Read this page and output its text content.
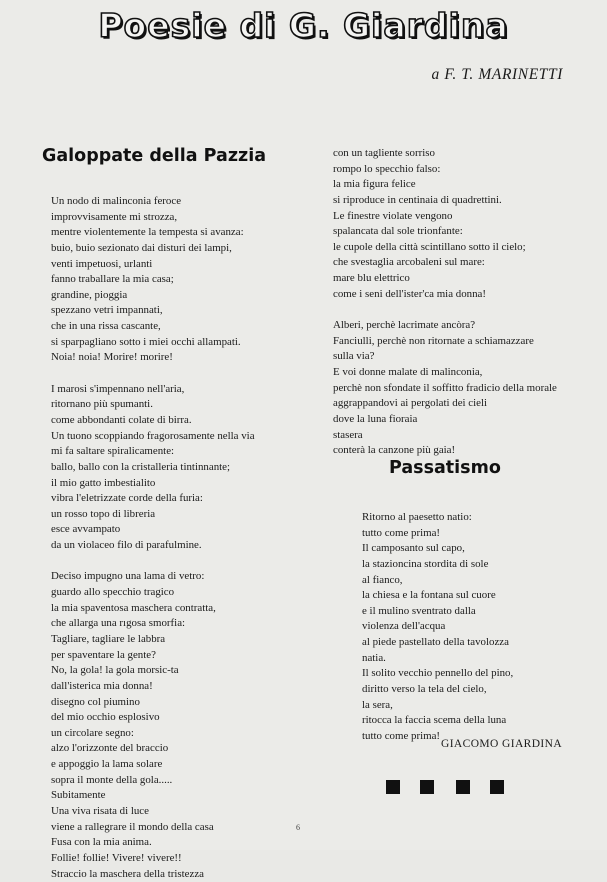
Poesie di G. Giardina
a F. T. MARINETTI
Galoppate della Pazzia
Un nodo di malinconia feroce
improvvisamente mi strozza,
mentre violentemente la tempesta si avanza:
buio, buio sezionato dai disturi dei lampi,
venti impetuosi, urlanti
fanno traballare la mia casa;
grandine, pioggia
spezzano vetri impannati,
che in una rissa cascante,
si sparpagliano sotto i miei occhi allampati.
Noia! noia! Morire! morire!
I marosi s'impennano nell'aria,
ritornano più spumanti.
come abbondanti colate di birra.
Un tuono scoppiando fragorosamente nella via
mi fa saltare spiralicamente:
ballo, ballo con la cristalleria tintinnante;
il mio gatto imbestialito
vibra l'eletrizzate corde della furia:
un rosso topo di libreria
esce avvampato
da un violaceo filo di parafulmine.
Deciso impugno una lama di vetro:
guardo allo specchio tragico
la mia spaventosa maschera contratta,
che allarga una rıgosa smorfia:
Tagliare, tagliare le labbra
per spaventare la gente?
No, la gola! la gola morsic-ta
dall'isterica mia donna!
disegno col piumino
del mio occhio esplosivo
un circolare segno:
alzo l'orizzonte del braccio
e appoggio la lama solare
sopra il monte della gola.....
Subitamente
Una viva risata di luce
viene a rallegrare il mondo della casa
Fusa con la mia anima.
Follie! follie! Vivere! vivere!!
Straccio la maschera della tristezza
con un tagliente sorriso
rompo lo specchio falso:
la mia figura felice
si riproduce in centinaia di quadrettini.
Le finestre violate vengono
spalancata dal sole trionfante:
le cupole della città scintillano sotto il cielo;
che svestaglia arcobaleni sul mare:
mare blu elettrico
come i seni dell'ister'ca mia donna!
Alberi, perchè lacrimate ancòra?
Fanciulli, perchè non ritornate a schiamazzare
sulla via?
E voi donne malate di malinconia,
perchè non sfondate il soffitto fradicio della morale
aggrappandovi ai pergolati dei cieli
dove la luna fioraia
stasera
conterà la canzone più gaia!
Passatismo
Ritorno al paesetto natio:
tutto come prima!
Il camposanto sul capo,
la stazioncina stordita di sole
al fianco,
la chiesa e la fontana sul cuore
e il mulino sventrato dalla
violenza dell'acqua
al piede pastellato della tavolozza
natia.
Il solito vecchio pennello del pino,
diritto verso la tela del cielo,
la sera,
ritocca la faccia scema della luna
tutto come prima!
GIACOMO GIARDINA
6
